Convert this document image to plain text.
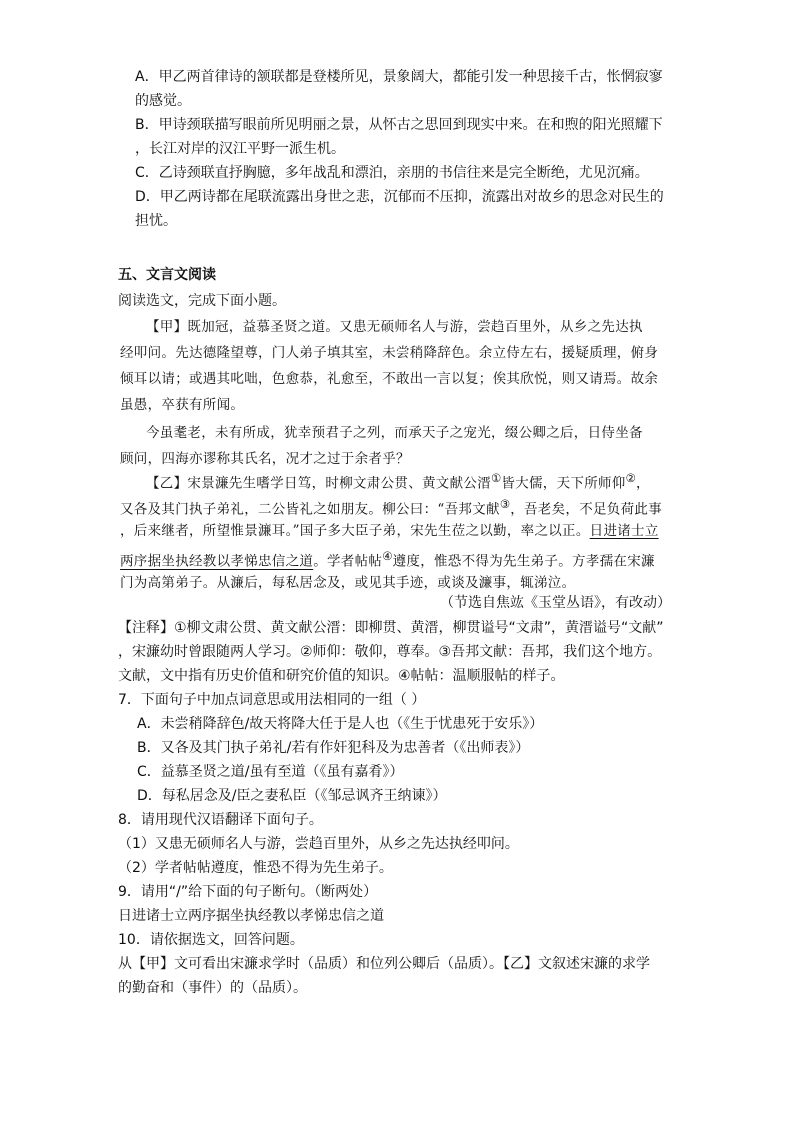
A．甲乙两首律诗的颔联都是登楼所见，景象阔大，都能引发一种思接千古，怅惘寂寥
的感觉。
B．甲诗颈联描写眼前所见明丽之景，从怀古之思回到现实中来。在和煦的阳光照耀下
，长江对岸的汉江平野一派生机。
C．乙诗颈联直抒胸臆，多年战乱和漂泊，亲朋的书信往来是完全断绝，尤见沉痛。
D．甲乙两诗都在尾联流露出身世之悲，沉郁而不压抑，流露出对故乡的思念对民生的
担忧。
五、文言文阅读
阅读选文，完成下面小题。
【甲】既加冠，益慕圣贤之道。又患无硕师名人与游，尝趋百里外，从乡之先达执
经叩问。先达德隆望尊，门人弟子填其室，未尝稍降辞色。余立侍左右，援疑质理，俯身
倾耳以请；或遇其叱咄，色愈恭，礼愈至，不敢出一言以复；俟其欣悦，则又请焉。故余
虽愚，卒获有所闻。
今虽耄老，未有所成，犹幸预君子之列，而承天子之宠光，缀公卿之后，日侍坐备
顾问，四海亦谬称其氏名，况才之过于余者乎？
【乙】宋景濂先生嗜学日笃，时柳文肃公贯、黄文献公溍①皆大儒，天下所师仰②，
又各及其门执子弟礼，二公皆礼之如朋友。柳公曰：“吾邦文献③，吾老矣，不足负荷此事
，后来继者，所望惟景濂耳。”国子多大臣子弟，宋先生莅之以勤，率之以正。日进诸士立
两序据坐执经教以孝悌忠信之道。学者帖帖④遵度，惟恐不得为先生弟子。方孝孺在宋濂
门为高第弟子。从濂后，每私居念及，或见其手迹，或谈及濂事，辄涕泣。
（节选自焦竑《玉堂丛语》，有改动）
【注释】①柳文肃公贯、黄文献公溍：即柳贯、黄溍，柳贯谥号“文肃”，黄溍谥号“文献”
，宋濂幼时曾跟随两人学习。②师仰：敬仰，尊奉。③吾邦文献：吾邦，我们这个地方。
文献，文中指有历史价值和研究价值的知识。④帖帖：温顺服帖的样子。
7．下面句子中加点词意思或用法相同的一组（ ）
A．未尝稍降辞色/故天将降大任于是人也（《生于忧患死于安乐》）
B．又各及其门执子弟礼/若有作奸犯科及为忠善者（《出师表》）
C．益慕圣贤之道/虽有至道（《虽有嘉肴》）
D．每私居念及/臣之妻私臣（《邹忌讽齐王纳谏》）
8．请用现代汉语翻译下面句子。
（1）又患无硕师名人与游，尝趋百里外，从乡之先达执经叩问。
（2）学者帖帖遵度，惟恐不得为先生弟子。
9．请用“/”给下面的句子断句。（断两处）
日进诸士立两序据坐执经教以孝悌忠信之道
10．请依据选文，回答问题。
从【甲】文可看出宋濂求学时（品质）和位列公卿后（品质）。【乙】文叙述宋濂的求学
的勤奋和（事件）的（品质）。
